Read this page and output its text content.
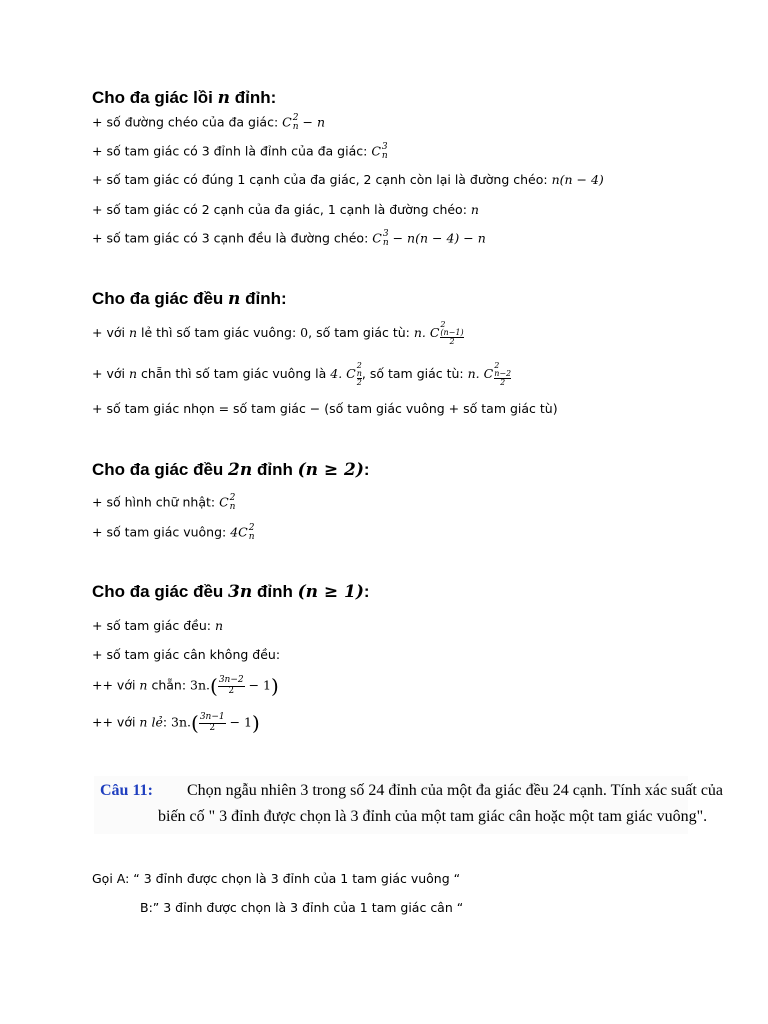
Cho đa giác lồi n đỉnh:
+ số đường chéo của đa giác: C 2
n − n
+ số tam giác có 3 đỉnh là đỉnh của đa giác: C 3
n
+ số tam giác có đúng 1 cạnh của đa giác, 2 cạnh còn lại là đường chéo: n(n − 4)
+ số tam giác có 2 cạnh của đa giác, 1 cạnh là đường chéo: n
+ số tam giác có 3 cạnh đều là đường chéo: C 3
n − n(n − 4) − n
Cho đa giác đều n đỉnh:
+ với n lẻ thì số tam giác vuông: 0, số tam giác tù: n. C
2
(n−1)
2
+ với n chẵn thì số tam giác vuông là 4. C
2
n
2
, số tam giác tù: n. C
2
n−2
2
+ số tam giác nhọn = số tam giác − (số tam giác vuông + số tam giác tù)
Cho đa giác đều 2n đỉnh (n ≥ 2):
+ số hình chữ nhật: C 2
n
+ số tam giác vuông: 4C 2
n
Cho đa giác đều 3n đỉnh (n ≥ 1):
+ số tam giác đều: n
+ số tam giác cân không đều:
++ với n chẵn: $3n.( \frac{3n-2}{2} - 1)$
++ với n lẻ: $3n.( \frac{3n-1}{2} - 1)$
Câu 11: Chọn ngẫu nhiên 3 trong số 24 đỉnh của một đa giác đều 24 cạnh. Tính xác suất của
biến cố " 3 đỉnh được chọn là 3 đỉnh của một tam giác cân hoặc một tam giác vuông".
Gọi A: “ 3 đỉnh được chọn là 3 đỉnh của 1 tam giác vuông “
B:” 3 đỉnh được chọn là 3 đỉnh của 1 tam giác cân “
